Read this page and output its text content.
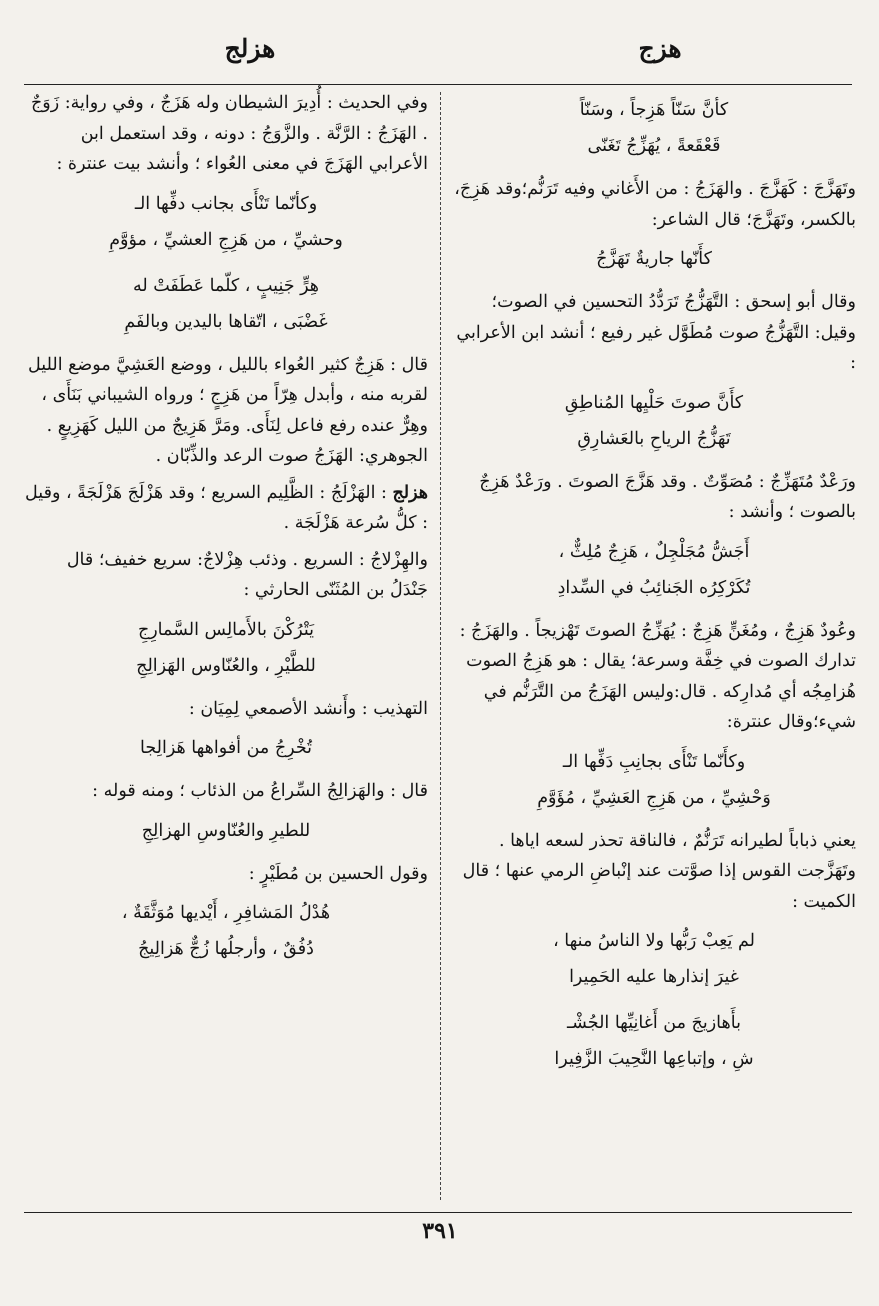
هزج
هزلج
كأنَّ سَنّاً هَزِجاً ، وسَنّاً
قَعْقَعةً ، يُهَزِّجُ تَغَنّى

وتَهَزَّجَ : كَهَزَّجَ . والهَزَجُ : من الأَغاني وفيه تَرَنُّم؛وقد هَزِجَ، بالكسر، وتَهَزَّجَ؛ قال الشاعر:

كأَنّها جاريةٌ تَهَزَّجُ

وقال أبو إسحق : التَّهَزُّجُ تَرَدُّدُ التحسين في الصوت؛ وقيل: التَّهَزُّجُ صوت مُطَوَّل غير رفيع ؛ أنشد ابن الأعرابي :

كأَنَّ صوتَ حَلْيِها المُناطِقِ
تَهَزُّجُ الرياحِ بالعَشارِقِ

ورَعْدٌ مُتَهَزِّجٌ : مُصَوِّتٌ . وقد هَزَّجَ الصوتَ . ورَعْدٌ هَزِجٌ بالصوت ؛ وأنشد :

أَجَشُّ مُجَلْجِلٌ ، هَزِجٌ مُلِثٌّ ،
تُكَرْكِرُه الجَنائِبُ في السِّدادِ

وعُودٌ هَزِجٌ ، ومُغَنٍّ هَزِجٌ : يُهَزِّجُ الصوتَ تَهْزيجاً . والهَزَجُ : تدارك الصوت في خِفَّة وسرعة؛ يقال : هو هَزِجُ الصوت هُزامِجُه أي مُدارِكه . قال:وليس الهَزَجُ من التَّرَنُّم في شيء؛وقال عنترة:

وكأَنّما تَنْأَى بجانِبِ دَفِّها الـ
وَحْشِيِّ ، من هَزِجِ العَشِيِّ ، مُؤَوَّمِ

يعني ذباباً لطيرانه تَرَنُّمٌ ، فالناقة تحذر لسعه اياها . وتَهَزَّجت القوس إذا صوَّتت عند إنْباضِ الرمي عنها ؛ قال الكميت :

لم يَعِبْ رَبُّها ولا الناسُ منها ،
غيرَ إنذارها عليه الحَمِيرا
بأَهازيجَ من أَغانِيِّها الجُشْـ
شِ ، وإتباعِها النَّحِيبَ الزَّفِيرا

وفي الحديث : أُدِيرَ الشيطان وله هَزَجٌ ، وفي رواية: زَوَجٌ . الهَزَجُ : الرَّنَّة . والزَّوَجُ : دونه ، وقد استعمل ابن الأعرابي الهَزَجَ في معنى العُواء ؛ وأنشد بيت عنترة :

وكأنّما تَنْأَى بجانب دفِّها الـ
وحشيِّ ، من هَزِجِ العشيِّ ، مؤوَّمِ
هِرٍّ جَنِيبٍ ، كلّما عَطَفَتْ له
غَضْبَى ، اتّقاها باليدين وبالفَمِ

قال : هَزِجٌ كثير العُواء بالليل ، ووضع العَشِيَّ موضع الليل لقربه منه ، وأبدل هِرّاً من هَزِجٍ ؛ ورواه الشيباني بَنَأَى ، وهِرٌّ عنده رفع فاعل لِنَأَى. ومَرَّ هَزِيجٌ من الليل كَهَزِيعٍ . الجوهري: الهَزَجُ صوت الرعد والذِّبّان .

هزلج : الهَزْلَجُ : الظَّلِيم السريع ؛ وقد هَزْلَجَ هَزْلَجَةً ، وقيل : كلُّ سُرعة هَزْلَجَة .

والهِزْلاجُ : السريع . وذئب هِزْلاجٌ: سريع خفيف؛ قال جَنْدَلُ بن المُثَنّى الحارثي :

يَتْرُكْنَ بالأَمالِس السَّمارِجِ
للطَّيْرِ ، والعُنّاوس الهَزالِجِ

التهذيب : وأَنشد الأصمعي لِمِيَان :

تُخْرِجُ من أفواهها هَزالِجا

قال : والهَزالِجُ السِّراعُ من الذئاب ؛ ومنه قوله :

للطيرِ والعُنّاوسِ الهزالِجِ

وقول الحسين بن مُطَيْرٍ :

هُدْلُ المَشافِرِ ، أَيْديها مُوَثَّقَةٌ ،
دُفُقٌ ، وأرجلُها زُجٌّ هَزالِيجُ
٣٩١
